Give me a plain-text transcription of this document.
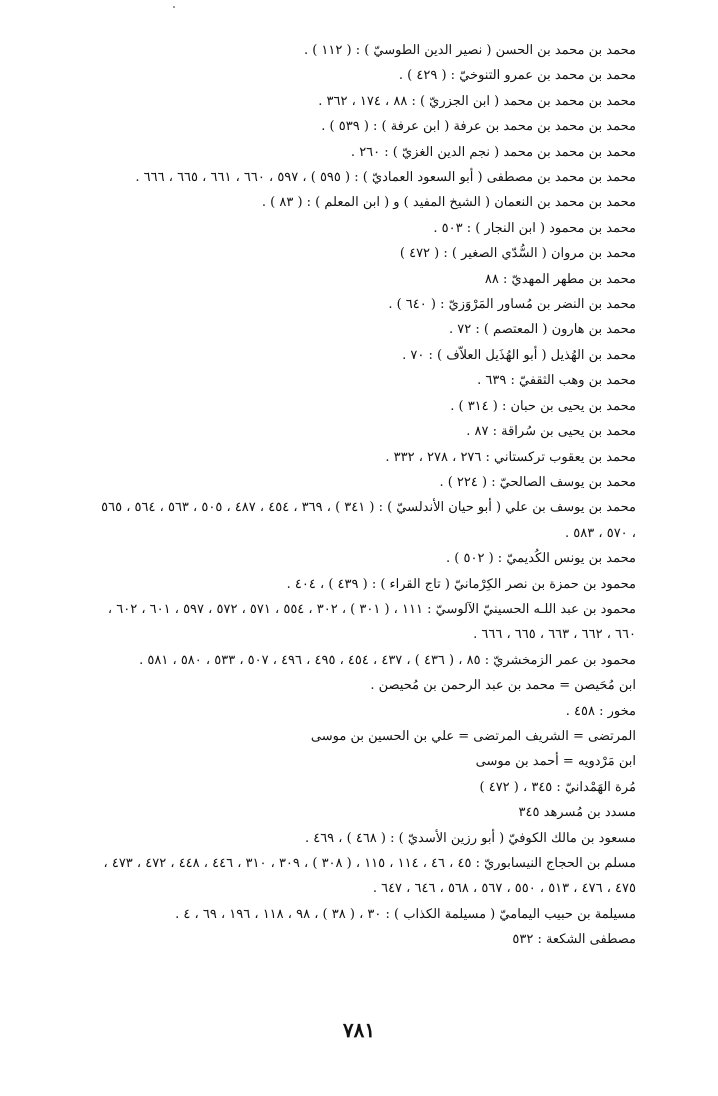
محمد بن محمد بن الحسن ( نصير الدين الطوسيّ ) : ( ١١٢ ) .

محمد بن محمد بن عمرو التنوخيّ : ( ٤٢٩ ) .

محمد بن محمد بن محمد ( ابن الجزريّ ) : ٨٨ ، ١٧٤ ، ٣٦٢ .

محمد بن محمد بن محمد بن عرفة ( ابن عرفة ) : ( ٥٣٩ ) .

محمد بن محمد بن محمد ( نجم الدين الغزيّ ) : ٢٦٠ .

محمد بن محمد بن مصطفى ( أبو السعود العماديّ ) : ( ٥٩٥ ) ، ٥٩٧ ، ٦٦٠ ، ٦٦١ ، ٦٦٥ ، ٦٦٦ .

محمد بن محمد بن النعمان ( الشيخ المفيد ) و ( ابن المعلم ) : ( ٨٣ ) .

محمد بن محمود ( ابن النجار ) : ٥٠٣ .

محمد بن مروان ( السُّدّي الصغير ) : ( ٤٧٢ )

محمد بن مطهر المهديّ : ٨٨

محمد بن النضر بن مُساور المَرْوَزيّ : ( ٦٤٠ ) .

محمد بن هارون ( المعتصم ) : ٧٢ .

محمد بن الهُذيل ( أبو الهُذَيل العلاّف ) : ٧٠ .

محمد بن وهب الثقفيّ : ٦٣٩ .

محمد بن يحيى بن حبان : ( ٣١٤ ) .

محمد بن يحيى بن سُراقة : ٨٧ .

محمد بن يعقوب تركستاني : ٢٧٦ ، ٢٧٨ ، ٣٣٢ .

محمد بن يوسف الصالحيّ : ( ٢٢٤ ) .

محمد بن يوسف بن علي ( أبو حيان الأندلسيّ ) : ( ٣٤١ ) ، ٣٦٩ ، ٤٥٤ ، ٤٨٧ ، ٥٠٥ ، ٥٦٣ ، ٥٦٤ ، ٥٦٥ ، ٥٧٠ ، ٥٨٣ .

محمد بن يونس الكُديميّ : ( ٥٠٢ ) .

محمود بن حمزة بن نصر الكِرْمانيّ ( تاج القراء ) : ( ٤٣٩ ) ، ٤٠٤ .

محمود بن عبد اللـه الحسينيّ الآلوسيّ : ١١١ ، ( ٣٠١ ) ، ٣٠٢ ، ٥٥٤ ، ٥٧١ ، ٥٧٢ ، ٥٩٧ ، ٦٠١ ، ٦٠٢ ، ٦٦٠ ، ٦٦٢ ، ٦٦٣ ، ٦٦٥ ، ٦٦٦ .

محمود بن عمر الزمخشريّ : ٨٥ ، ( ٤٣٦ ) ، ٤٣٧ ، ٤٥٤ ، ٤٩٥ ، ٤٩٦ ، ٥٠٧ ، ٥٣٣ ، ٥٨٠ ، ٥٨١ .

ابن مُحَيصن = محمد بن عبد الرحمن بن مُحيصن .

مخور : ٤٥٨ .

المرتضى = الشريف المرتضى = علي بن الحسين بن موسى

ابن مَرْدويه = أحمد بن موسى

مُرة الهَمْدانيّ : ٣٤٥ ، ( ٤٧٢ )

مسدد بن مُسرهد ٣٤٥

مسعود بن مالك الكوفيّ ( أبو رزين الأسديّ ) : ( ٤٦٨ ) ، ٤٦٩ .

مسلم بن الحجاج النيسابوريّ : ٤٥ ، ٤٦ ، ١١٤ ، ١١٥ ، ( ٣٠٨ ) ، ٣٠٩ ، ٣١٠ ، ٤٤٦ ، ٤٤٨ ، ٤٧٢ ، ٤٧٣ ، ٤٧٥ ، ٤٧٦ ، ٥١٣ ، ٥٥٠ ، ٥٦٧ ، ٥٦٨ ، ٦٤٦ ، ٦٤٧ .

مسيلمة بن حبيب اليماميّ ( مسيلمة الكذاب ) : ٣٠ ، ( ٣٨ ) ، ٩٨ ، ١١٨ ، ١٩٦ ، ٦٩ ، ٤ .

مصطفى الشكعة : ٥٣٢

٧٨١
